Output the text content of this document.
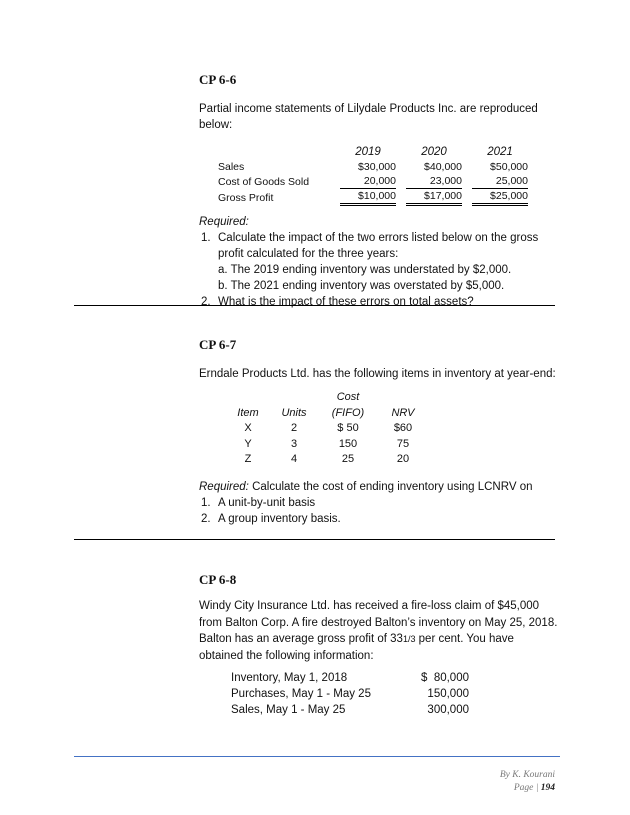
CP 6-6
Partial income statements of Lilydale Products Inc. are reproduced below:
	2019	2020	2021
Sales	$30,000	$40,000	$50,000
Cost of Goods Sold	20,000	23,000	25,000

Gross Profit	$10,000	$17,000	$25,000
Required:
1. Calculate the impact of the two errors listed below on the gross profit calculated for the three years:
a. The 2019 ending inventory was understated by $2,000.
b. The 2021 ending inventory was overstated by $5,000.
2. What is the impact of these errors on total assets?
CP 6-7
Erndale Products Ltd. has the following items in inventory at year-end:
		Cost	
Item	Units	(FIFO)	NRV
X	2	$ 50	$60
Y	3	150	75
Z	4	25	20
Required: Calculate the cost of ending inventory using LCNRV on
1. A unit-by-unit basis
2. A group inventory basis.
CP 6-8
Windy City Insurance Ltd. has received a fire-loss claim of $45,000 from Balton Corp. A fire destroyed Balton’s inventory on May 25, 2018. Balton has an average gross profit of 331/3 per cent. You have obtained the following information:
Inventory, May 1, 2018	$  80,000
Purchases, May 1 - May 25	150,000
Sales, May 1 - May 25	300,000
By K. Kourani
Page | 194
